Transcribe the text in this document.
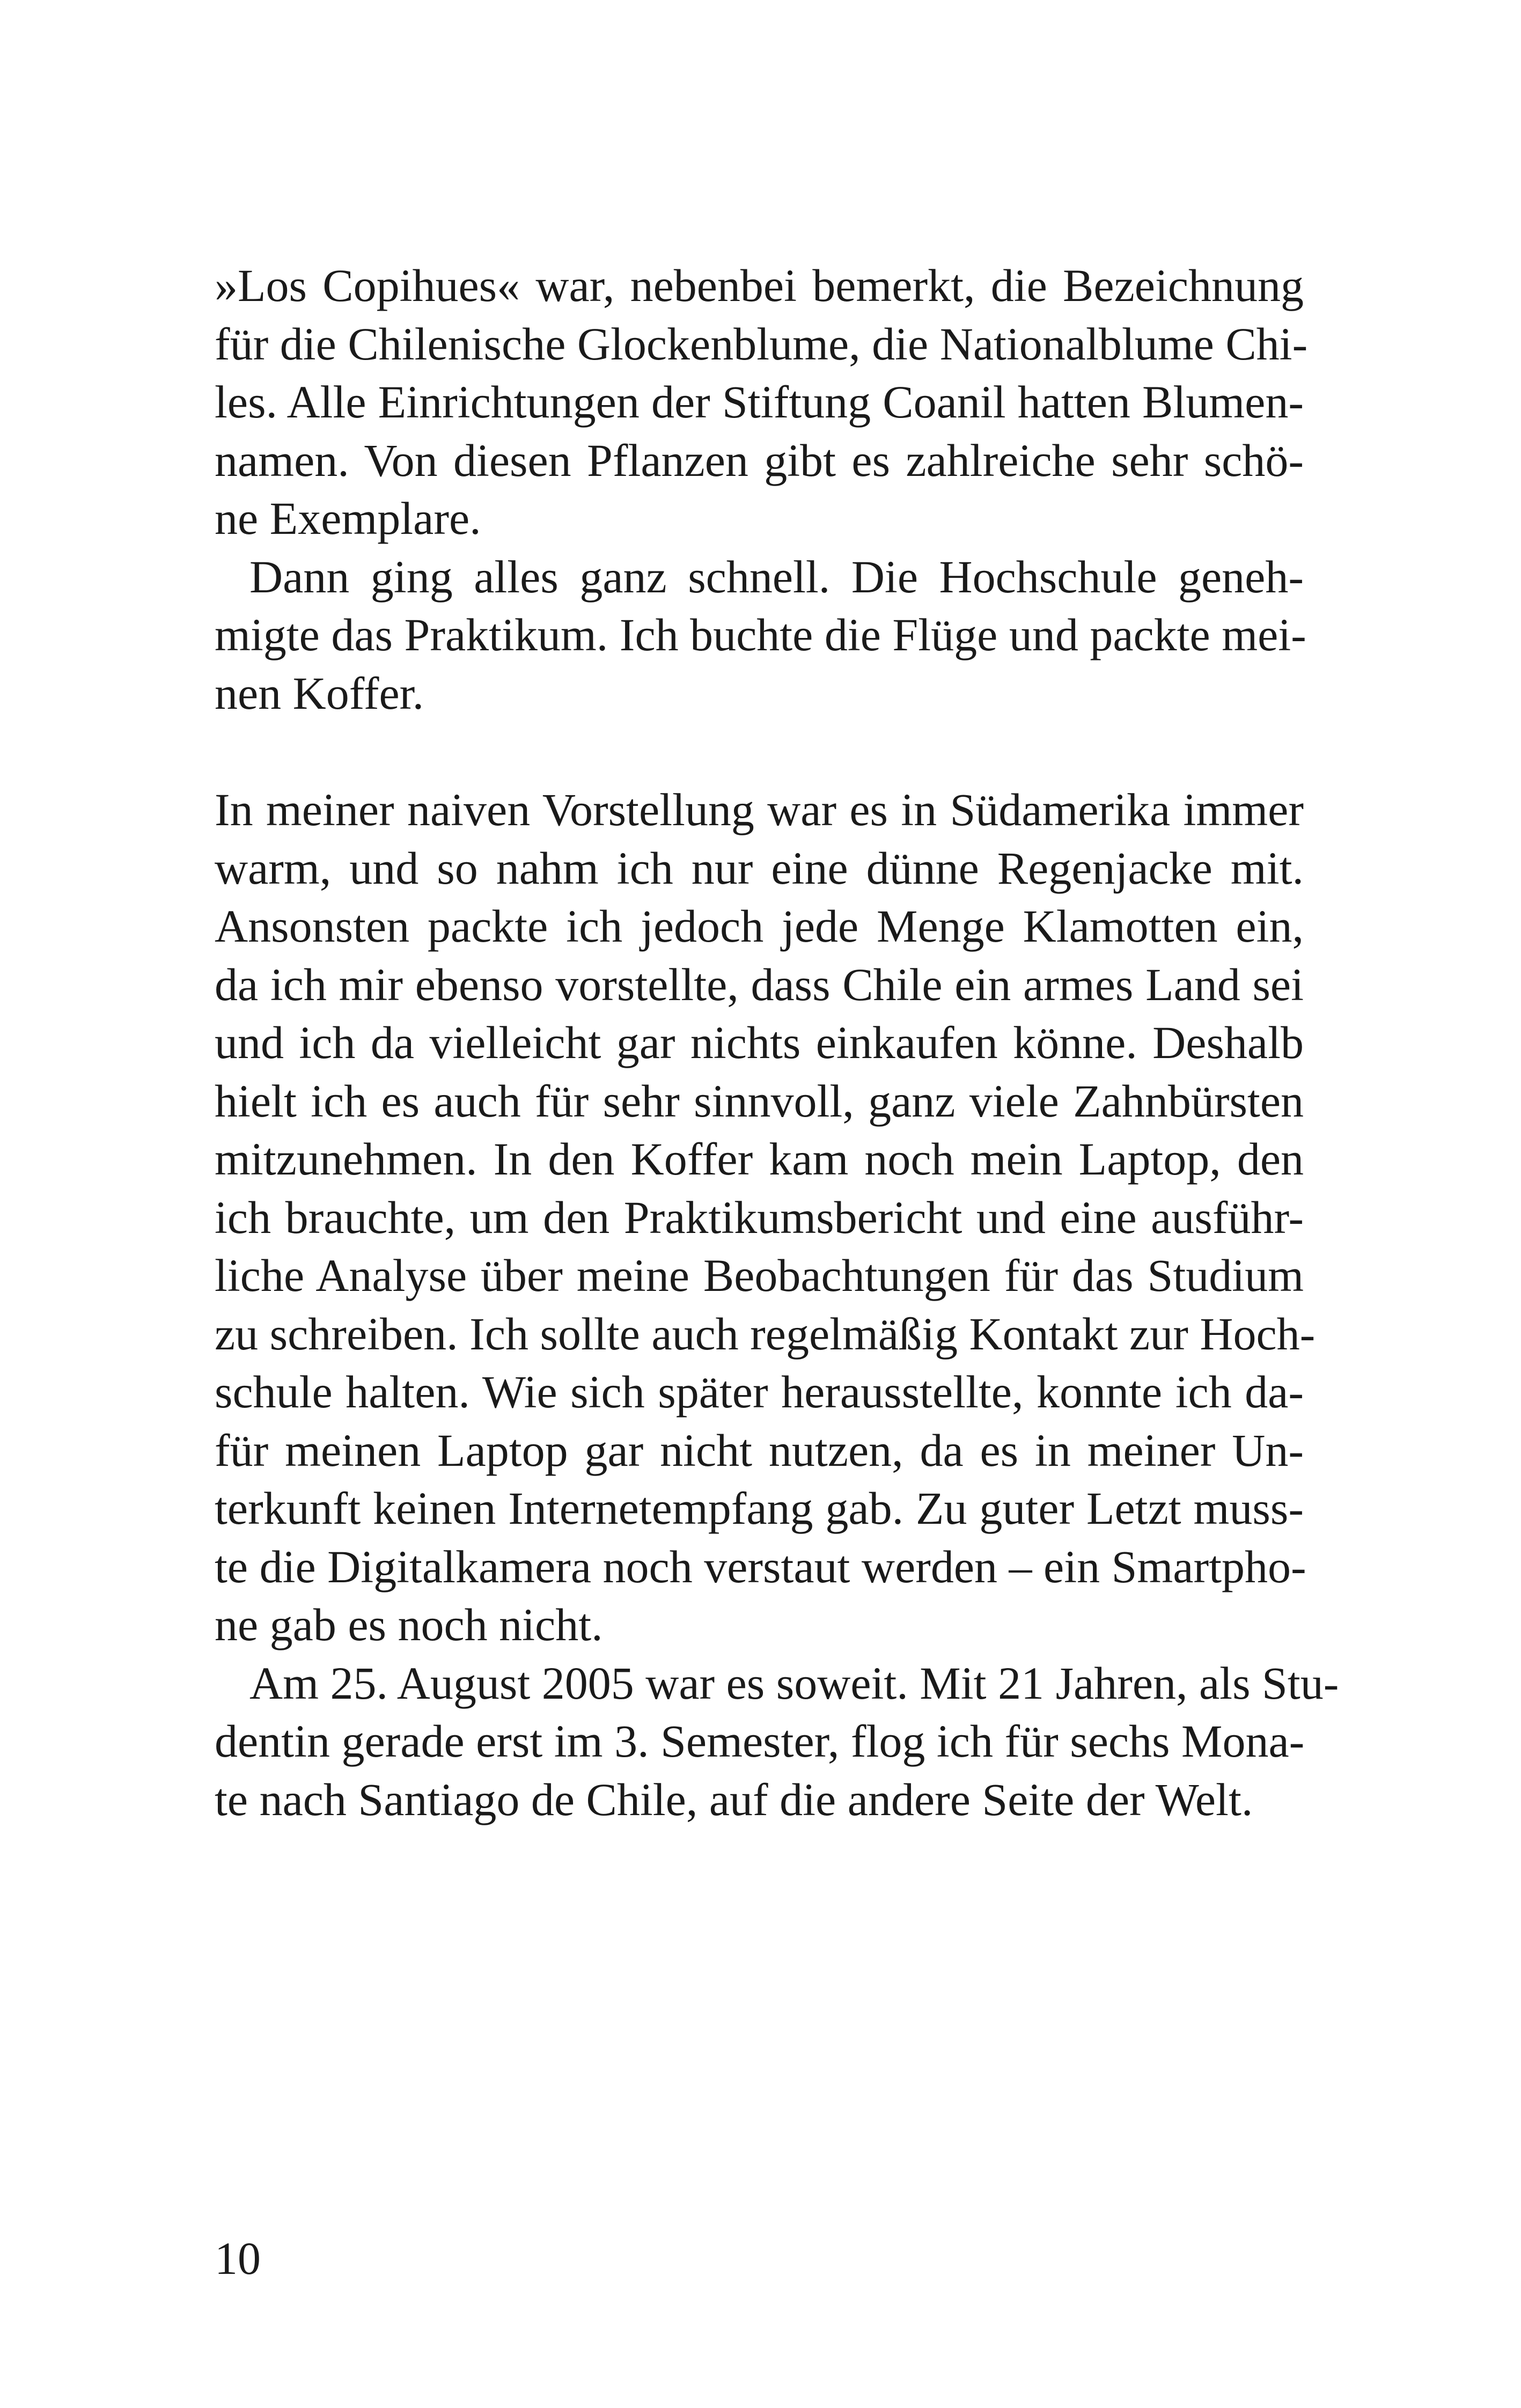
»Los Copihues« war, nebenbei bemerkt, die Bezeichnung
für die Chilenische Glockenblume, die Nationalblume Chi-
les. Alle Einrichtungen der Stiftung Coanil hatten Blumen-
namen. Von diesen Pflanzen gibt es zahlreiche sehr schö-
ne Exemplare.
Dann ging alles ganz schnell. Die Hochschule geneh-
migte das Praktikum. Ich buchte die Flüge und packte mei-
nen Koffer.
In meiner naiven Vorstellung war es in Südamerika immer
warm, und so nahm ich nur eine dünne Regenjacke mit.
Ansonsten packte ich jedoch jede Menge Klamotten ein,
da ich mir ebenso vorstellte, dass Chile ein armes Land sei
und ich da vielleicht gar nichts einkaufen könne. Deshalb
hielt ich es auch für sehr sinnvoll, ganz viele Zahnbürsten
mitzunehmen. In den Koffer kam noch mein Laptop, den
ich brauchte, um den Praktikumsbericht und eine ausführ-
liche Analyse über meine Beobachtungen für das Studium
zu schreiben. Ich sollte auch regelmäßig Kontakt zur Hoch-
schule halten. Wie sich später herausstellte, konnte ich da-
für meinen Laptop gar nicht nutzen, da es in meiner Un-
terkunft keinen Internetempfang gab. Zu guter Letzt muss-
te die Digitalkamera noch verstaut werden – ein Smartpho-
ne gab es noch nicht.
Am 25. August 2005 war es soweit. Mit 21 Jahren, als Stu-
dentin gerade erst im 3. Semester, flog ich für sechs Mona-
te nach Santiago de Chile, auf die andere Seite der Welt.
10
